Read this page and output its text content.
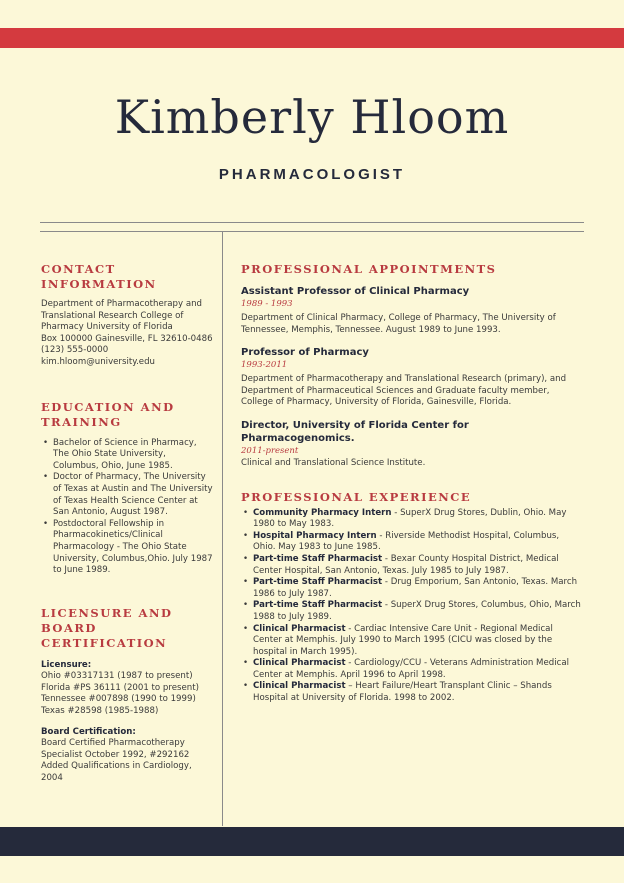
Kimberly Hloom
PHARMACOLOGIST
CONTACT INFORMATION
Department of Pharmacotherapy and
Translational Research College of
Pharmacy University of Florida
Box 100000 Gainesville, FL 32610-0486
(123) 555-0000
kim.hloom@university.edu
EDUCATION AND
TRAINING
• Bachelor of Science in Pharmacy, The Ohio State University, Columbus, Ohio, June 1985.
• Doctor of Pharmacy, The University of Texas at Austin and The University of Texas Health Science Center at San Antonio, August 1987.
• Postdoctoral Fellowship in Pharmacokinetics/Clinical Pharmacology - The Ohio State University, Columbus,Ohio. July 1987 to June 1989.
LICENSURE AND BOARD
CERTIFICATION
Licensure:
Ohio #03317131 (1987 to present)
Florida #PS 36111 (2001 to present)
Tennessee #007898 (1990 to 1999)
Texas #28598 (1985-1988)
Board Certification:
Board Certified Pharmacotherapy
Specialist October 1992, #292162
Added Qualifications in Cardiology,
2004
PROFESSIONAL APPOINTMENTS
Assistant Professor of Clinical Pharmacy
1989 - 1993
Department of Clinical Pharmacy, College of Pharmacy, The University of Tennessee, Memphis, Tennessee. August 1989 to June 1993.
Professor of Pharmacy
1993-2011
Department of Pharmacotherapy and Translational Research (primary), and Department of Pharmaceutical Sciences and Graduate faculty member, College of Pharmacy, University of Florida, Gainesville, Florida.
Director, University of Florida Center for Pharmacogenomics.
2011-present
Clinical and Translational Science Institute.
PROFESSIONAL EXPERIENCE
• Community Pharmacy Intern - SuperX Drug Stores, Dublin, Ohio. May 1980 to May 1983.
• Hospital Pharmacy Intern - Riverside Methodist Hospital, Columbus, Ohio. May 1983 to June 1985.
• Part-time Staff Pharmacist - Bexar County Hospital District, Medical Center Hospital, San Antonio, Texas. July 1985 to July 1987.
• Part-time Staff Pharmacist - Drug Emporium, San Antonio, Texas. March 1986 to July 1987.
• Part-time Staff Pharmacist - SuperX Drug Stores, Columbus, Ohio, March 1988 to July 1989.
• Clinical Pharmacist - Cardiac Intensive Care Unit - Regional Medical Center at Memphis. July 1990 to March 1995 (CICU was closed by the hospital in March 1995).
• Clinical Pharmacist - Cardiology/CCU - Veterans Administration Medical Center at Memphis. April 1996 to April 1998.
• Clinical Pharmacist – Heart Failure/Heart Transplant Clinic – Shands Hospital at University of Florida. 1998 to 2002.
